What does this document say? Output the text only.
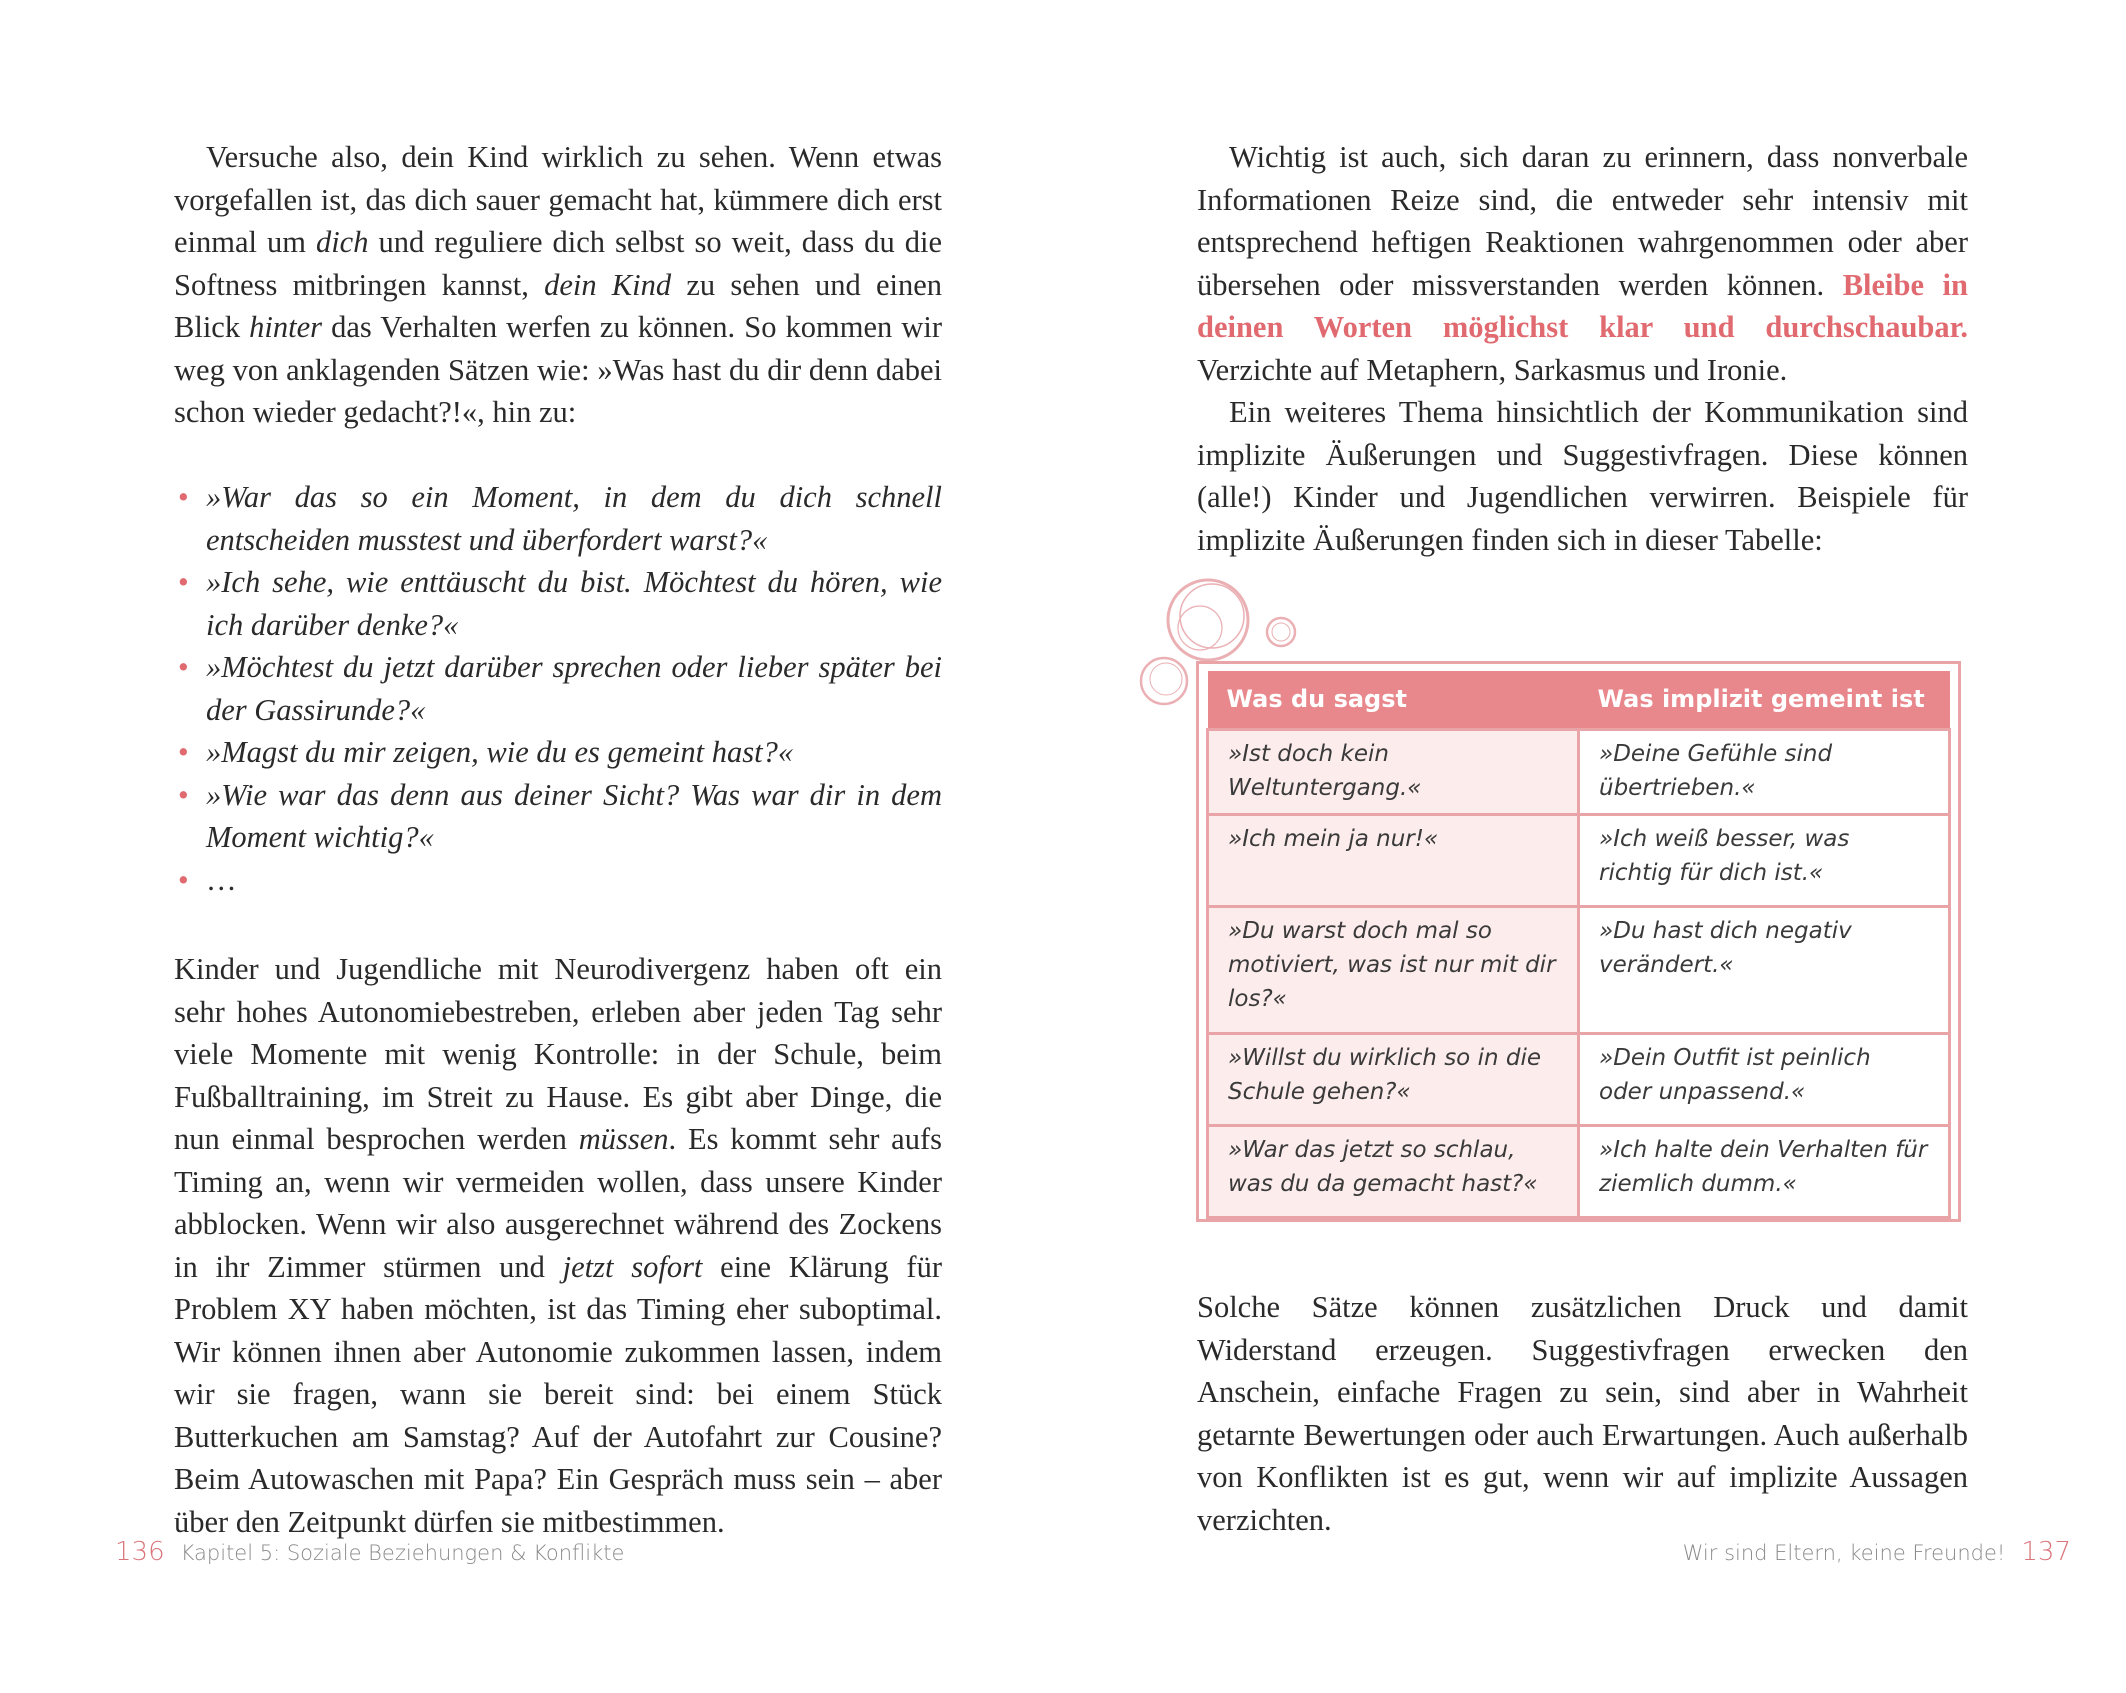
Versuche also, dein Kind wirklich zu sehen. Wenn etwas vorgefallen ist, das dich sauer gemacht hat, kümmere dich erst einmal um dich und reguliere dich selbst so weit, dass du die Softness mitbringen kannst, dein Kind zu sehen und einen Blick hinter das Verhalten werfen zu können. So kommen wir weg von anklagenden Sätzen wie: »Was hast du dir denn dabei schon wieder gedacht?!«, hin zu:

• »War das so ein Moment, in dem du dich schnell entscheiden musstest und überfordert warst?«
• »Ich sehe, wie enttäuscht du bist. Möchtest du hören, wie ich darüber denke?«
• »Möchtest du jetzt darüber sprechen oder lieber später bei der Gassirunde?«
• »Magst du mir zeigen, wie du es gemeint hast?«
• »Wie war das denn aus deiner Sicht? Was war dir in dem Moment wichtig?«
• …

Kinder und Jugendliche mit Neurodivergenz haben oft ein sehr hohes Autonomiebestreben, erleben aber jeden Tag sehr viele Momente mit wenig Kontrolle: in der Schule, beim Fußballtraining, im Streit zu Hause. Es gibt aber Dinge, die nun einmal besprochen werden müssen. Es kommt sehr aufs Timing an, wenn wir vermeiden wollen, dass unsere Kinder abblocken. Wenn wir also ausgerechnet während des Zockens in ihr Zimmer stürmen und jetzt sofort eine Klärung für Problem XY haben möchten, ist das Timing eher suboptimal. Wir können ihnen aber Autonomie zukommen lassen, indem wir sie fragen, wann sie bereit sind: bei einem Stück Butterkuchen am Samstag? Auf der Autofahrt zur Cousine? Beim Autowaschen mit Papa? Ein Gespräch muss sein – aber über den Zeitpunkt dürfen sie mitbestimmen.

136 Kapitel 5: Soziale Beziehungen & Konflikte

Wichtig ist auch, sich daran zu erinnern, dass nonverbale Informationen Reize sind, die entweder sehr intensiv mit entsprechend heftigen Reaktionen wahrgenommen oder aber übersehen oder missverstanden werden können. Bleibe in deinen Worten möglichst klar und durchschaubar. Verzichte auf Metaphern, Sarkasmus und Ironie.

Ein weiteres Thema hinsichtlich der Kommunikation sind implizite Äußerungen und Suggestivfragen. Diese können (alle!) Kinder und Jugendlichen verwirren. Beispiele für implizite Äußerungen finden sich in dieser Tabelle:

Solche Sätze können zusätzlichen Druck und damit Widerstand erzeugen. Suggestivfragen erwecken den Anschein, einfache Fragen zu sein, sind aber in Wahrheit getarnte Bewertungen oder auch Erwartungen. Auch außerhalb von Konflikten ist es gut, wenn wir auf implizite Aussagen verzichten.

Wir sind Eltern, keine Freunde! 137
Was du sagst	Was implizit gemeint ist
»Ist doch kein Weltuntergang.«	»Deine Gefühle sind übertrieben.«
»Ich mein ja nur!«	»Ich weiß besser, was richtig für dich ist.«
»Du warst doch mal so motiviert, was ist nur mit dir los?«	»Du hast dich negativ verändert.«
»Willst du wirklich so in die Schule gehen?«	»Dein Outfit ist peinlich oder unpassend.«
»War das jetzt so schlau, was du da gemacht hast?«	»Ich halte dein Verhalten für ziemlich dumm.«
